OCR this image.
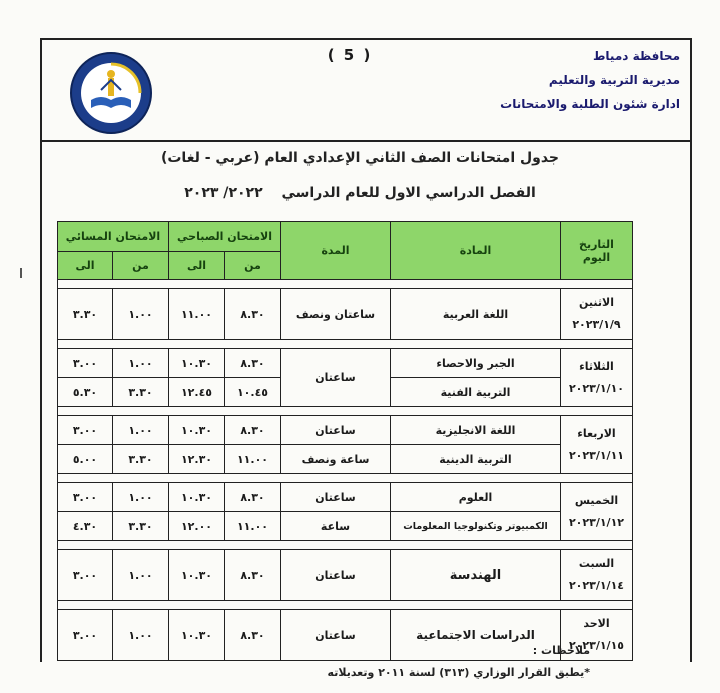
( 5 )	محافظة دمياط
مديرية التربية والتعليم
ادارة شئون الطلبة والامتحانات
جدول امتحانات الصف الثاني الإعدادي العام (عربي - لغات)
الفصل الدراسي الاول للعام الدراسي ٢٠٢٢/ ٢٠٢٣
التاريخ
اليوم	المادة	المدة	الامتحان الصباحي		الامتحان المسائي	
			من	الى	من	الى

الاثنين
٢٠٢٣/١/٩	اللغة العربية	ساعتان ونصف	٨.٣٠	١١.٠٠	١.٠٠	٣.٣٠

الثلاثاء
٢٠٢٣/١/١٠	الجبر والاحصاء	ساعتان	٨.٣٠	١٠.٣٠	١.٠٠	٣.٠٠
	التربية الفنية		١٠.٤٥	١٢.٤٥	٣.٣٠	٥.٣٠

الاربعاء
٢٠٢٣/١/١١	اللغة الانجليزية	ساعتان	٨.٣٠	١٠.٣٠	١.٠٠	٣.٠٠
	التربية الدينية	ساعة ونصف	١١.٠٠	١٢.٣٠	٣.٣٠	٥.٠٠

الخميس
٢٠٢٣/١/١٢	العلوم	ساعتان	٨.٣٠	١٠.٣٠	١.٠٠	٣.٠٠
	الكمبيوتر وتكنولوجيا المعلومات	ساعة	١١.٠٠	١٢.٠٠	٣.٣٠	٤.٣٠

السبت
٢٠٢٣/١/١٤	الهندسة	ساعتان	٨.٣٠	١٠.٣٠	١.٠٠	٣.٠٠

الاحد
٢٠٢٣/١/١٥	الدراسات الاجتماعية	ساعتان	٨.٣٠	١٠.٣٠	١.٠٠	٣.٠٠
ملاحظات :
*يطبق القرار الوزاري (٣١٣) لسنة ٢٠١١ وتعديلاته
